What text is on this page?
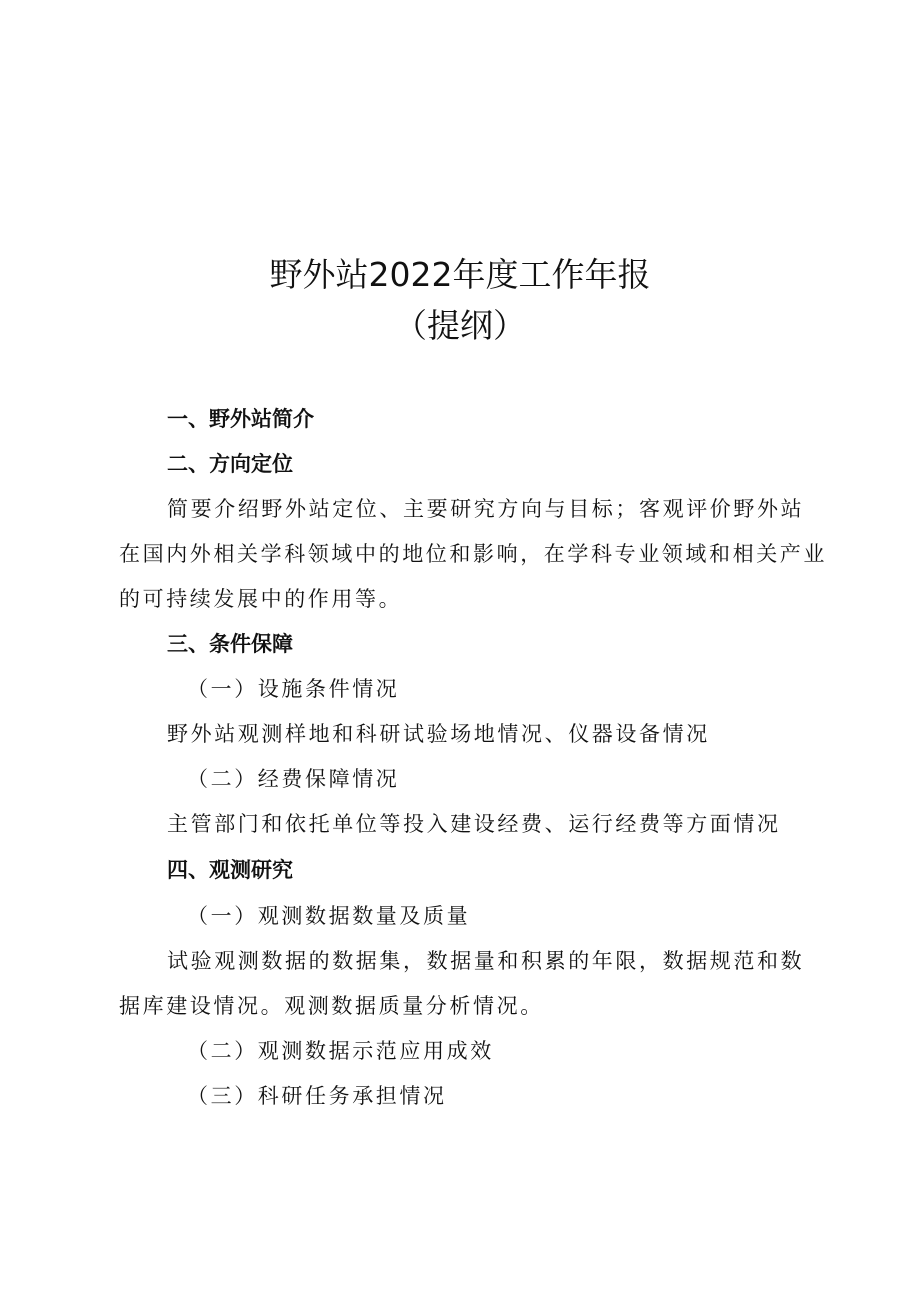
野外站2022年度工作年报
（提纲）
一、野外站简介
二、方向定位
简要介绍野外站定位、主要研究方向与目标；客观评价野外站
在国内外相关学科领域中的地位和影响，在学科专业领域和相关产业
的可持续发展中的作用等。
三、条件保障
（一）设施条件情况
野外站观测样地和科研试验场地情况、仪器设备情况
（二）经费保障情况
主管部门和依托单位等投入建设经费、运行经费等方面情况
四、观测研究
（一）观测数据数量及质量
试验观测数据的数据集，数据量和积累的年限，数据规范和数
据库建设情况。观测数据质量分析情况。
（二）观测数据示范应用成效
（三）科研任务承担情况
